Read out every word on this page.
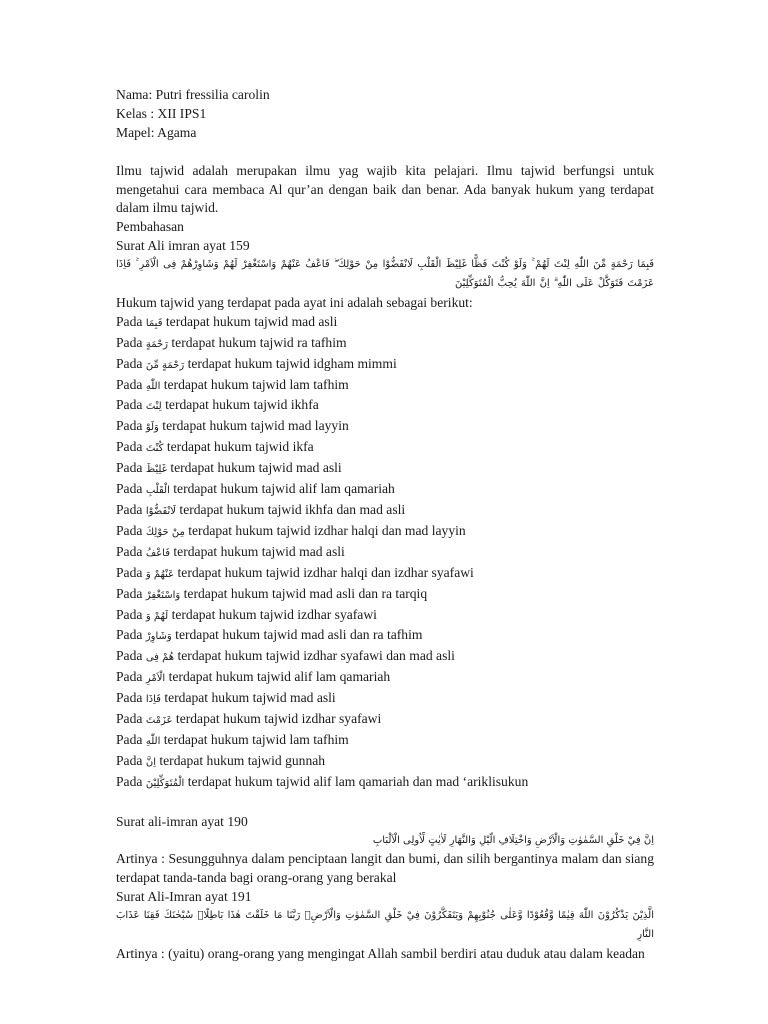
Nama: Putri fressilia carolin
Kelas : XII IPS1
Mapel: Agama
Ilmu tajwid adalah merupakan ilmu yag wajib kita pelajari. Ilmu tajwid berfungsi untuk mengetahui cara membaca Al qur’an dengan baik dan benar. Ada banyak hukum yang terdapat dalam ilmu tajwid.
Pembahasan
Surat Ali imran ayat 159
فَبِمَا رَحْمَةٍ مِّنَ اللّٰهِ لِنْتَ لَهُمْ ۚ وَلَوْ كُنْتَ فَظًّا غَلِيْظَ الْقَلْبِ لَانْفَضُّوْا مِنْ حَوْلِكَ ۖ فَاعْفُ عَنْهُمْ وَاسْتَغْفِرْ لَهُمْ وَشَاوِرْهُمْ فِى الْاَمْرِ ۚ فَاِذَا عَزَمْتَ فَتَوَكَّلْ عَلَى اللّٰهِ ۗ اِنَّ اللّٰهَ يُحِبُّ الْمُتَوَكِّلِيْنَ
Hukum tajwid yang terdapat pada ayat ini adalah sebagai berikut:
Pada فَبِمَا terdapat hukum tajwid mad asli
Pada رَحْمَةٍ terdapat hukum tajwid ra tafhim
Pada رَحْمَةٍ مِّنَ terdapat hukum tajwid idgham mimmi
Pada اللّٰهِ terdapat hukum tajwid lam tafhim
Pada لِنْتَ terdapat hukum tajwid ikhfa
Pada وَلَوْ terdapat hukum tajwid mad layyin
Pada كُنْتَ terdapat hukum tajwid ikfa
Pada غَلِيْظَ terdapat hukum tajwid mad asli
Pada الْقَلْبِ terdapat hukum tajwid alif lam qamariah
Pada لَانْفَضُّوْا terdapat hukum tajwid ikhfa dan mad asli
Pada مِنْ حَوْلِكَ terdapat hukum tajwid izdhar halqi dan mad layyin
Pada فَاعْفُ terdapat hukum tajwid mad asli
Pada عَنْهُمْ وَ terdapat hukum tajwid izdhar halqi dan izdhar syafawi
Pada وَاسْتَغْفِرْ terdapat hukum tajwid mad asli dan ra tarqiq
Pada لَهُمْ وَ terdapat hukum tajwid izdhar syafawi
Pada وَشَاوِرْ terdapat hukum tajwid mad asli dan ra tafhim
Pada هُمْ فِى terdapat hukum tajwid izdhar syafawi dan mad asli
Pada الْاَمْرِ terdapat hukum tajwid alif lam qamariah
Pada فَاِذَا terdapat hukum tajwid mad asli
Pada عَزَمْتَ terdapat hukum tajwid izdhar syafawi
Pada اللّٰهِ terdapat hukum tajwid lam tafhim
Pada اِنَّ terdapat hukum tajwid gunnah
Pada الْمُتَوَكِّلِيْنَ terdapat hukum tajwid alif lam qamariah dan mad ‘ariklisukun
Surat ali-imran ayat 190
اِنَّ فِيْ خَلْقِ السَّمٰوٰتِ وَالْاَرْضِ وَاخْتِلَافِ الَّيْلِ وَالنَّهَارِ لَاٰيٰتٍ لِّاُولِى الْاَلْبَابِ
Artinya : Sesungguhnya dalam penciptaan langit dan bumi, dan silih bergantinya malam dan siang terdapat tanda-tanda bagi orang-orang yang berakal
Surat Ali-Imran ayat 191
الَّذِيْنَ يَذْكُرُوْنَ اللّٰهَ قِيٰمًا وَّقُعُوْدًا وَّعَلٰى جُنُوْبِهِمْ وَيَتَفَكَّرُوْنَ فِيْ خَلْقِ السَّمٰوٰتِ وَالْاَرْضِۚ رَبَّنَا مَا خَلَقْتَ هٰذَا بَاطِلًاۚ سُبْحٰنَكَ فَقِنَا عَذَابَ النَّارِ
Artinya : (yaitu) orang-orang yang mengingat Allah sambil berdiri atau duduk atau dalam keadan
